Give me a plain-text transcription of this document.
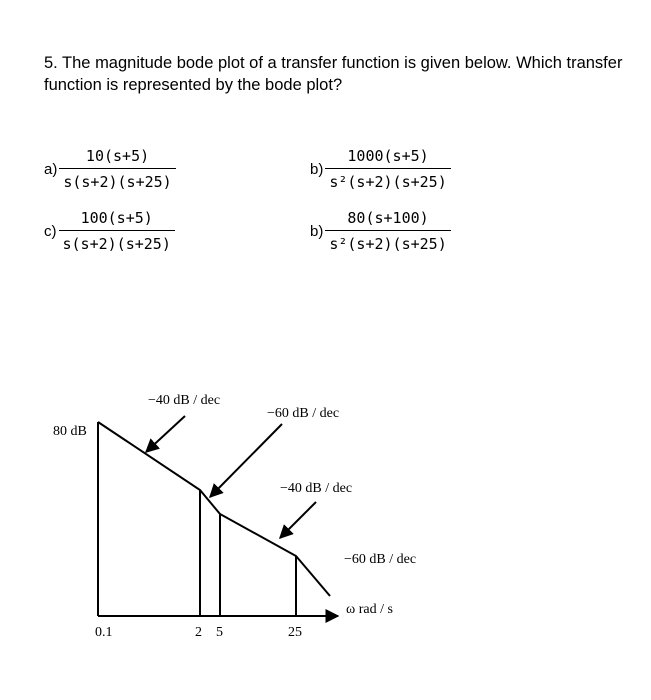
5. The magnitude bode plot of a transfer function is given below. Which transfer function is represented by the bode plot?
$a) \frac{10(s+5)}{s(s+2)(s+25)}$	$b) \frac{1000(s+5)}{\text{s²(s+2)(s+25)}}$
$c) \frac{100(s+5)}{s(s+2)(s+25)}$	$b) \frac{80(s+100)}{\text{s²(s+2)(s+25)}}$
80 dB
−40 dB / dec
−60 dB / dec
−40 dB / dec
−60 dB / dec
ω rad / s
0.1	2 5	25
